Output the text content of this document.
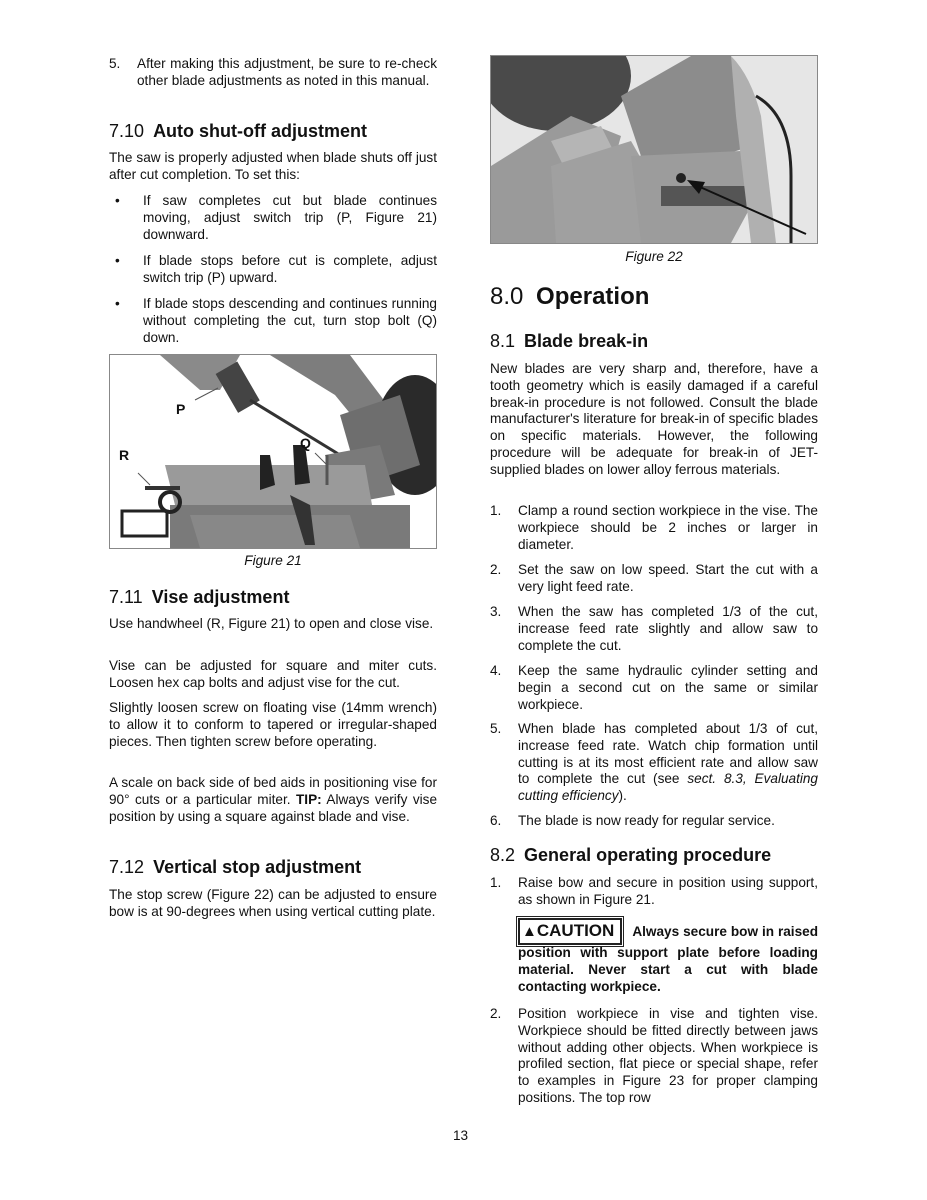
5. After making this adjustment, be sure to re-check other blade adjustments as noted in this manual.
7.10 Auto shut-off adjustment

The saw is properly adjusted when blade shuts off just after cut completion. To set this:

• If saw completes cut but blade continues moving, adjust switch trip (P, Figure 21) downward.
• If blade stops before cut is complete, adjust switch trip (P) upward.
• If blade stops descending and continues running without completing the cut, turn stop bolt (Q) down.
P
R
Q
Figure 21
7.11 Vise adjustment

Use handwheel (R, Figure 21) to open and close vise.

Vise can be adjusted for square and miter cuts. Loosen hex cap bolts and adjust vise for the cut.

Slightly loosen screw on floating vise (14mm wrench) to allow it to conform to tapered or irregular-shaped pieces. Then tighten screw before operating.

A scale on back side of bed aids in positioning vise for 90° cuts or a particular miter. TIP: Always verify vise position by using a square against blade and vise.

7.12 Vertical stop adjustment

The stop screw (Figure 22) can be adjusted to ensure bow is at 90-degrees when using vertical cutting plate.

Figure 22
8.0 Operation
8.1 Blade break-in

New blades are very sharp and, therefore, have a tooth geometry which is easily damaged if a careful break-in procedure is not followed. Consult the blade manufacturer's literature for break-in of specific blades on specific materials. However, the following procedure will be adequate for break-in of JET-supplied blades on lower alloy ferrous materials.

1. Clamp a round section workpiece in the vise. The workpiece should be 2 inches or larger in diameter.
2. Set the saw on low speed. Start the cut with a very light feed rate.
3. When the saw has completed 1/3 of the cut, increase feed rate slightly and allow saw to complete the cut.
4. Keep the same hydraulic cylinder setting and begin a second cut on the same or similar workpiece.
5. When blade has completed about 1/3 of cut, increase feed rate. Watch chip formation until cutting is at its most efficient rate and allow saw to complete the cut (see sect. 8.3, Evaluating cutting efficiency).
6. The blade is now ready for regular service.
8.2 General operating procedure
1. Raise bow and secure in position using support, as shown in Figure 21.

▲CAUTION Always secure bow in raised position with support plate before loading material. Never start a cut with blade contacting workpiece.

2. Position workpiece in vise and tighten vise. Workpiece should be fitted directly between jaws without adding other objects. When workpiece is profiled section, flat piece or special shape, refer to examples in Figure 23 for proper clamping positions. The top row
13
